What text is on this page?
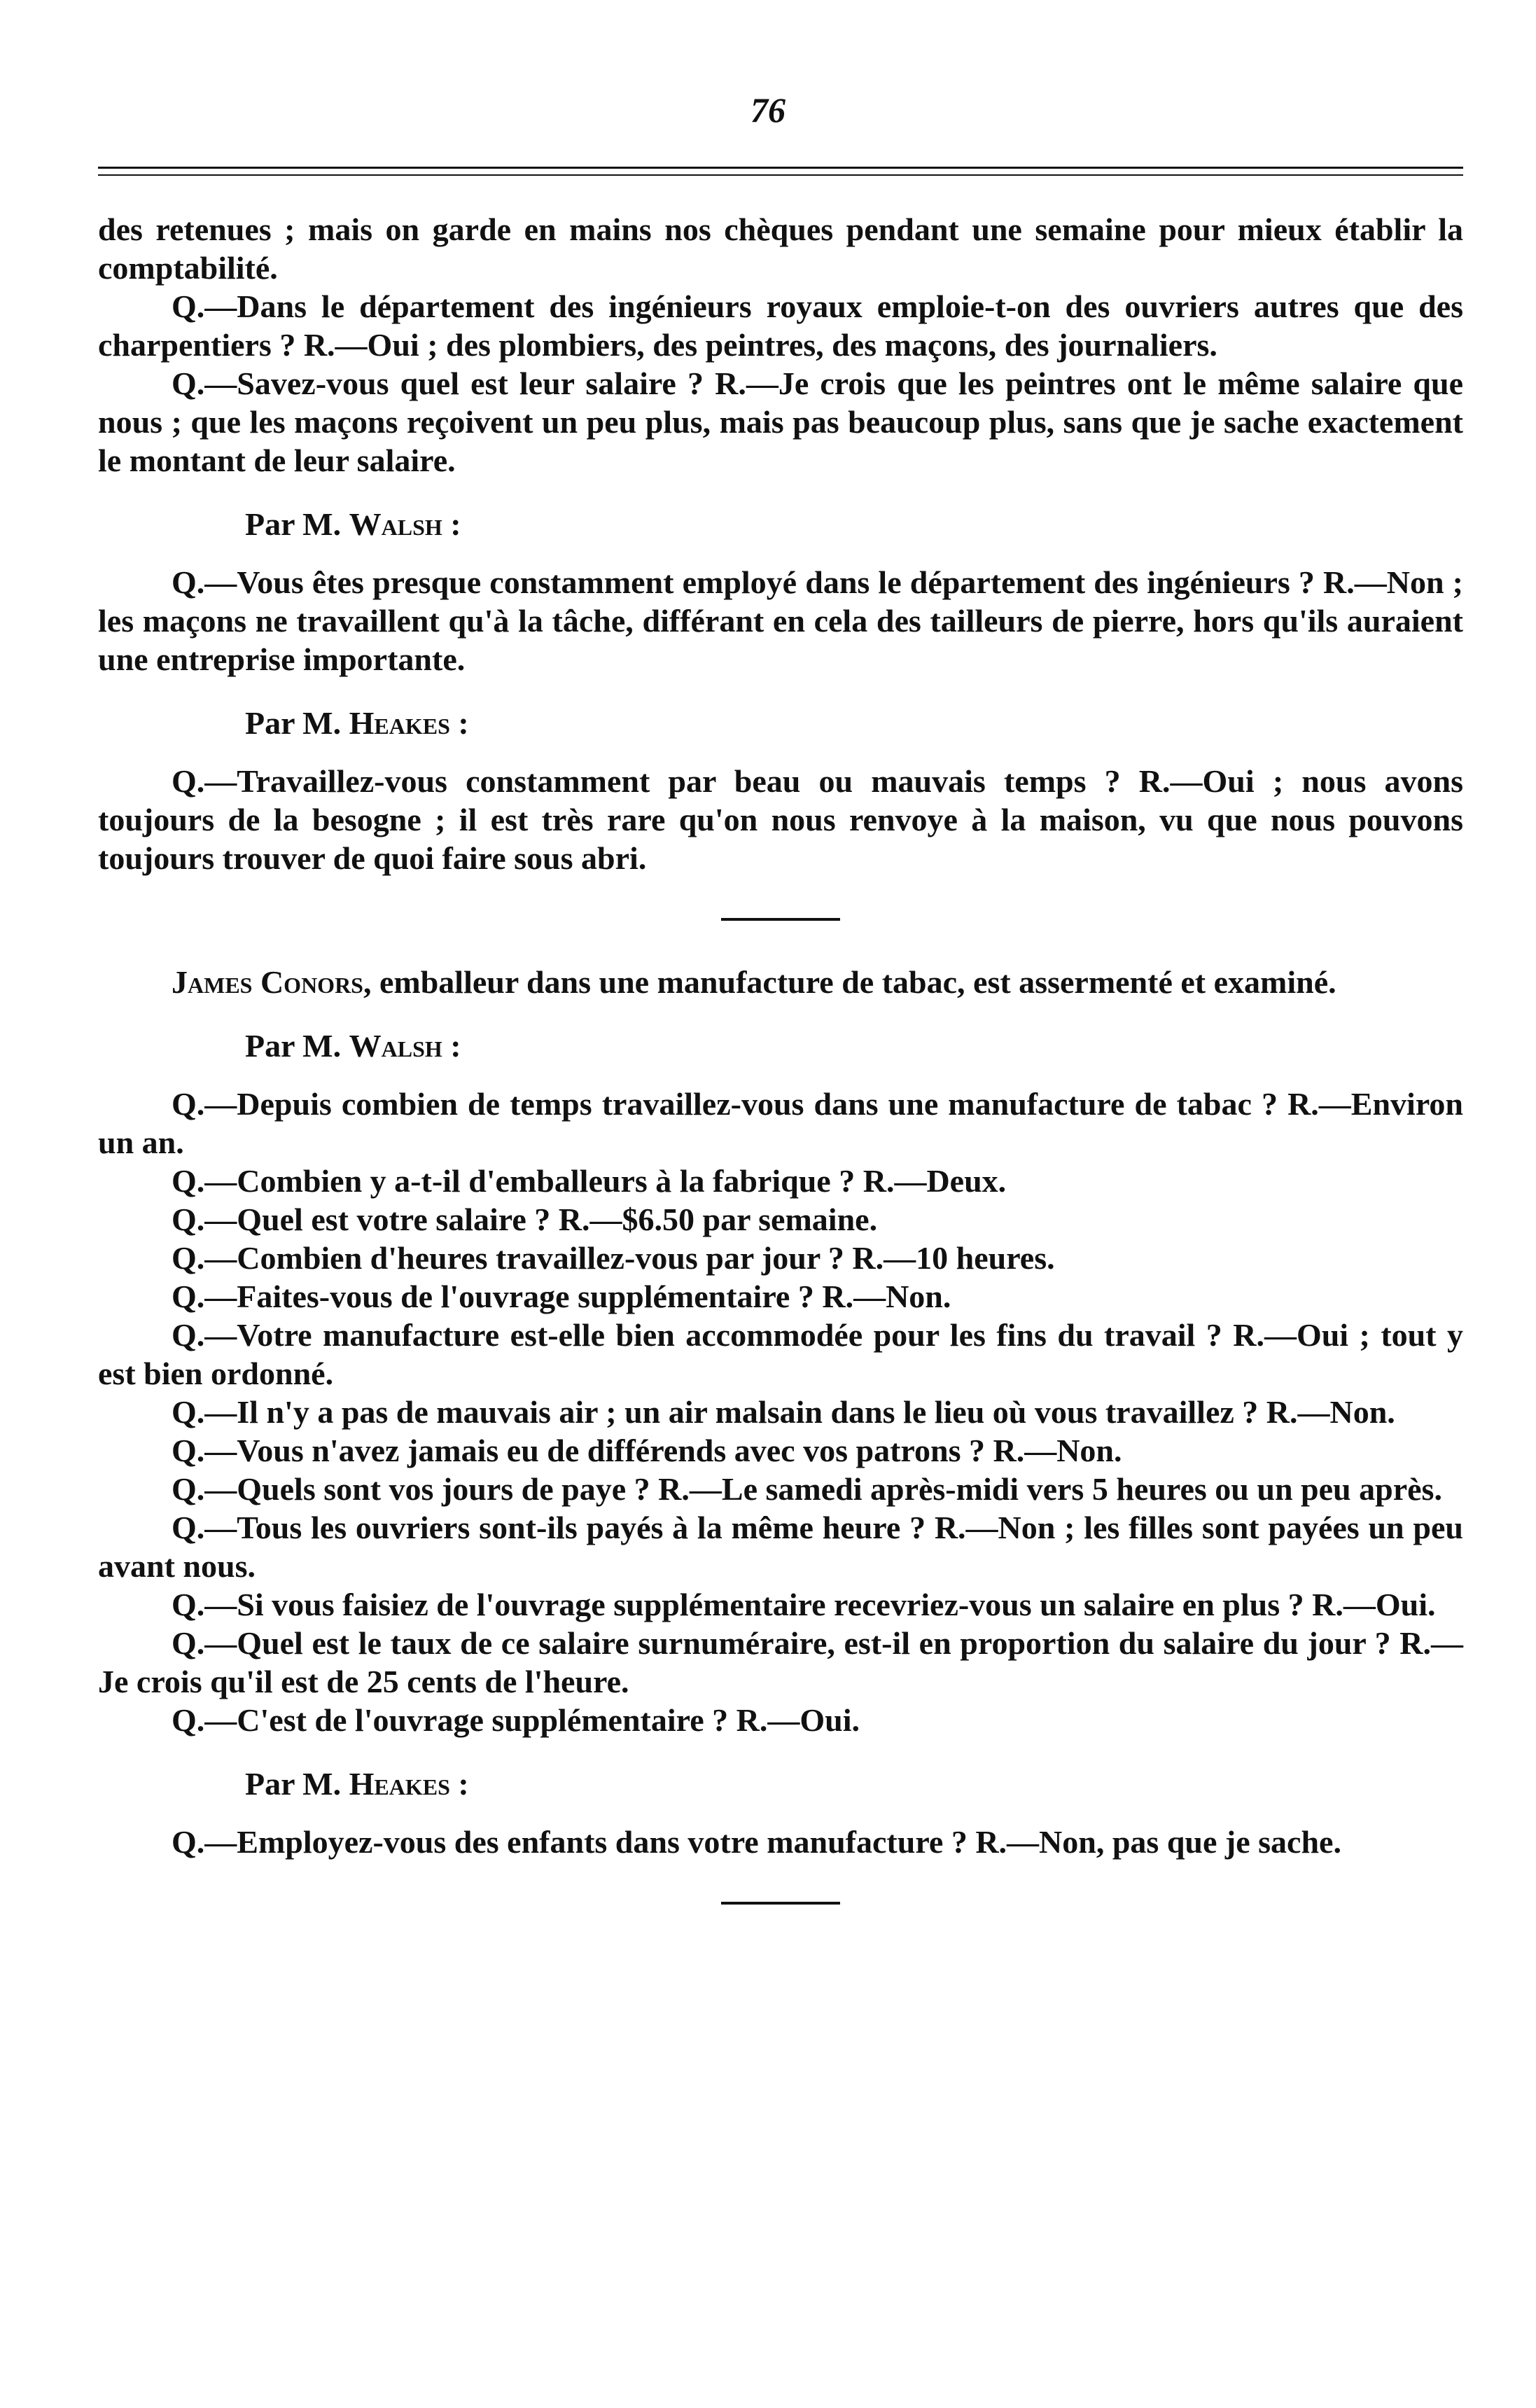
76

des retenues ; mais on garde en mains nos chèques pendant une semaine pour mieux établir la comptabilité.

Q.—Dans le département des ingénieurs royaux emploie-t-on des ouvriers autres que des charpentiers ? R.—Oui ; des plombiers, des peintres, des maçons, des journaliers.

Q.—Savez-vous quel est leur salaire ? R.—Je crois que les peintres ont le même salaire que nous ; que les maçons reçoivent un peu plus, mais pas beaucoup plus, sans que je sache exactement le montant de leur salaire.

Par M. Walsh :

Q.—Vous êtes presque constamment employé dans le département des ingénieurs ? R.—Non ; les maçons ne travaillent qu'à la tâche, différant en cela des tailleurs de pierre, hors qu'ils auraient une entreprise importante.

Par M. Heakes :

Q.—Travaillez-vous constamment par beau ou mauvais temps ? R.—Oui ; nous avons toujours de la besogne ; il est très rare qu'on nous renvoye à la maison, vu que nous pouvons toujours trouver de quoi faire sous abri.

James Conors, emballeur dans une manufacture de tabac, est assermenté et examiné.

Par M. Walsh :

Q.—Depuis combien de temps travaillez-vous dans une manufacture de tabac ? R.—Environ un an.

Q.—Combien y a-t-il d'emballeurs à la fabrique ? R.—Deux.

Q.—Quel est votre salaire ? R.—$6.50 par semaine.

Q.—Combien d'heures travaillez-vous par jour ? R.—10 heures.

Q.—Faites-vous de l'ouvrage supplémentaire ? R.—Non.

Q.—Votre manufacture est-elle bien accommodée pour les fins du travail ? R.—Oui ; tout y est bien ordonné.

Q.—Il n'y a pas de mauvais air ; un air malsain dans le lieu où vous travaillez ? R.—Non.

Q.—Vous n'avez jamais eu de différends avec vos patrons ? R.—Non.

Q.—Quels sont vos jours de paye ? R.—Le samedi après-midi vers 5 heures ou un peu après.

Q.—Tous les ouvriers sont-ils payés à la même heure ? R.—Non ; les filles sont payées un peu avant nous.

Q.—Si vous faisiez de l'ouvrage supplémentaire recevriez-vous un salaire en plus ? R.—Oui.

Q.—Quel est le taux de ce salaire surnuméraire, est-il en proportion du salaire du jour ? R.—Je crois qu'il est de 25 cents de l'heure.

Q.—C'est de l'ouvrage supplémentaire ? R.—Oui.

Par M. Heakes :

Q.—Employez-vous des enfants dans votre manufacture ? R.—Non, pas que je sache.
